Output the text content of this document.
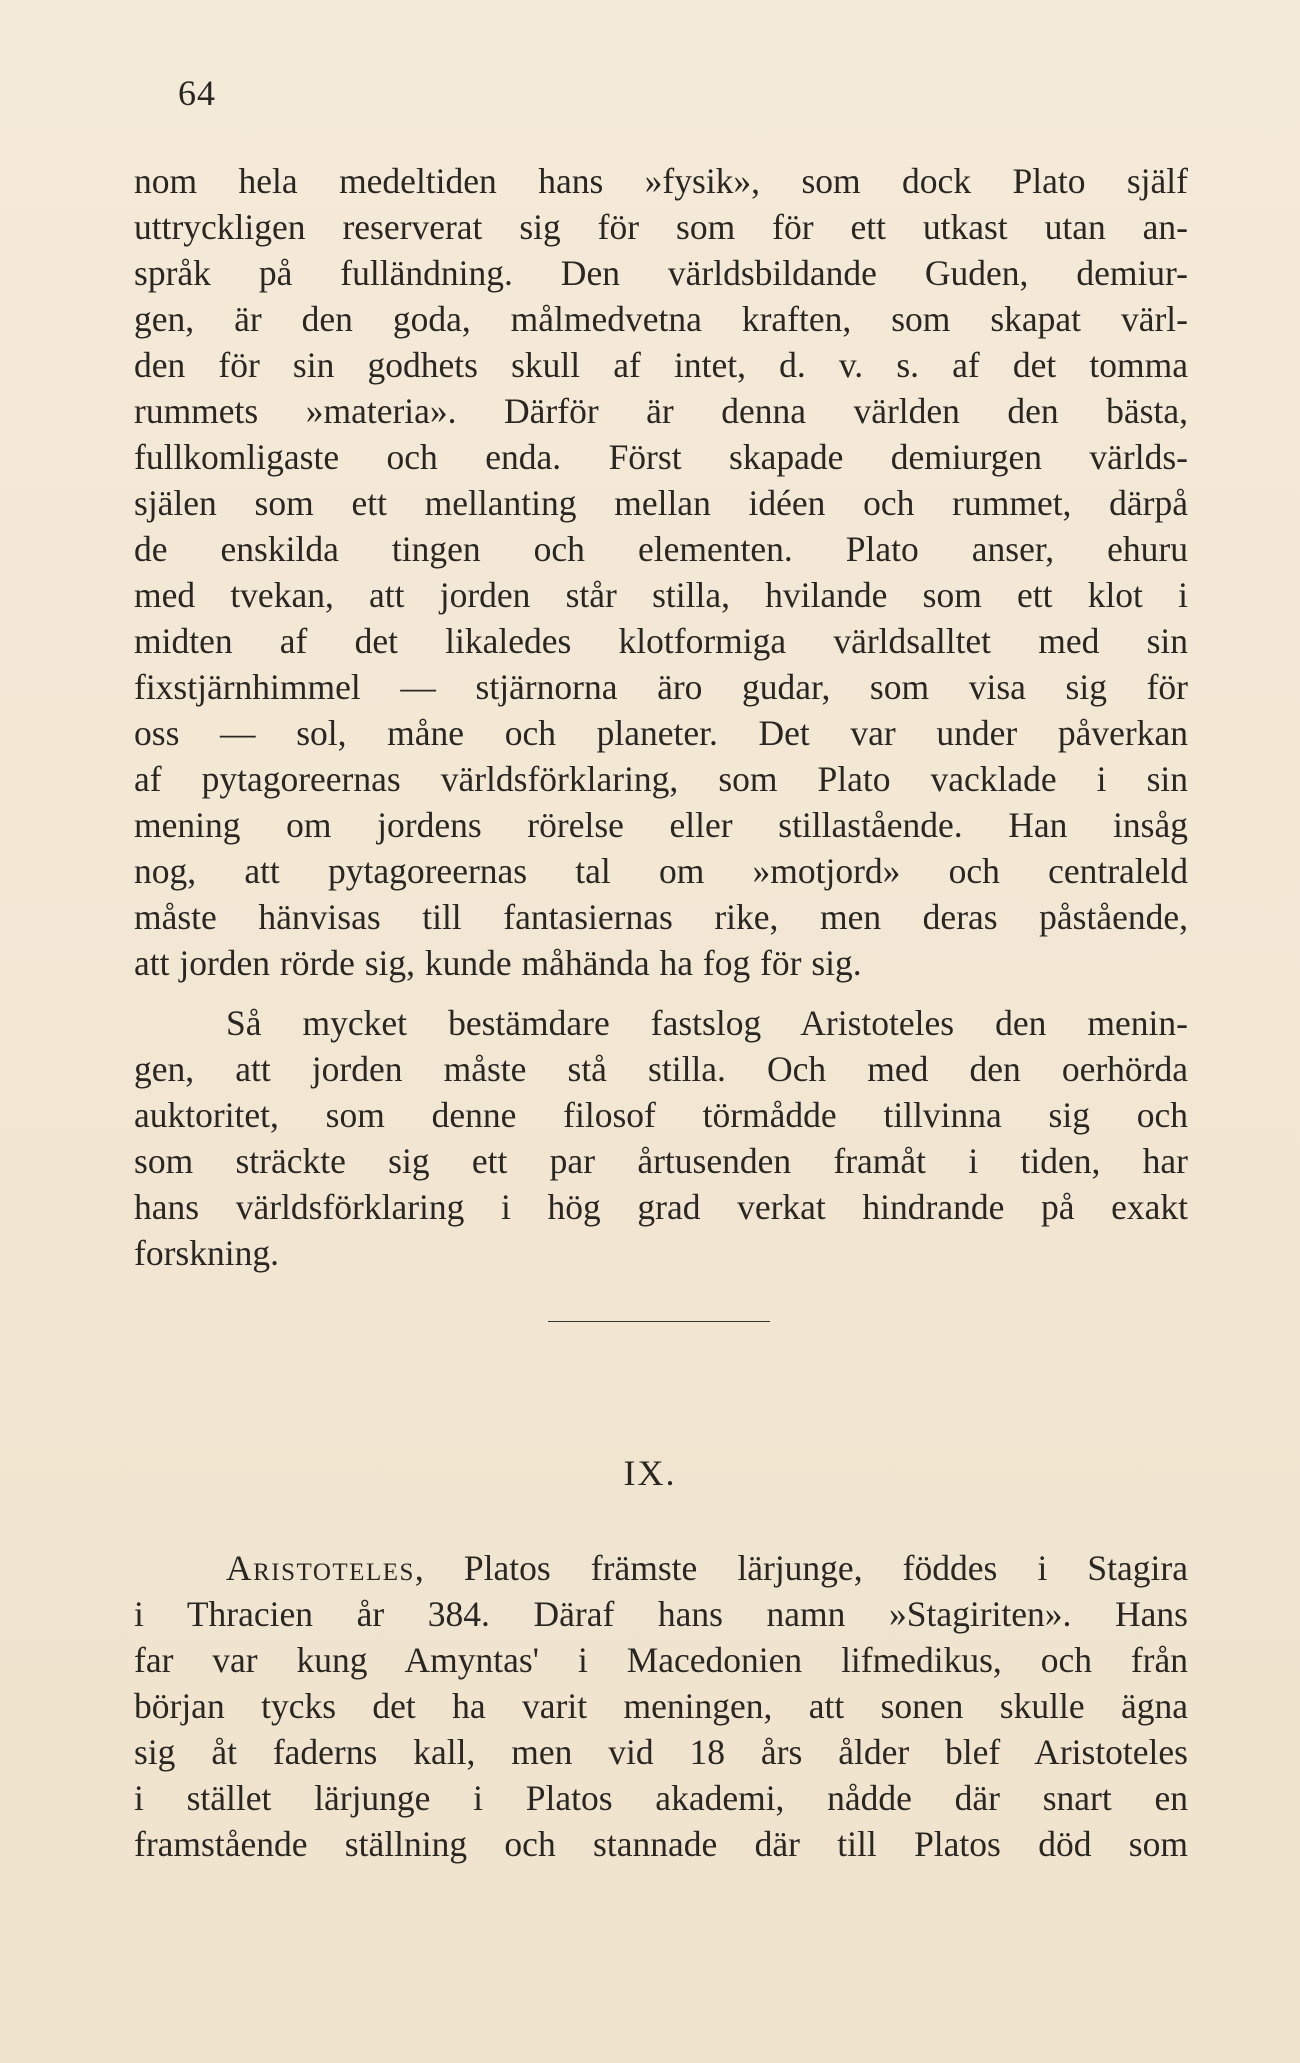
64
nom hela medeltiden hans »fysik», som dock Plato själf
uttryckligen reserverat sig för som för ett utkast utan an-
språk på fulländning. Den världsbildande Guden, demiur-
gen, är den goda, målmedvetna kraften, som skapat värl-
den för sin godhets skull af intet, d. v. s. af det tomma
rummets »materia». Därför är denna världen den bästa,
fullkomligaste och enda. Först skapade demiurgen världs-
själen som ett mellanting mellan idéen och rummet, därpå
de enskilda tingen och elementen. Plato anser, ehuru
med tvekan, att jorden står stilla, hvilande som ett klot i
midten af det likaledes klotformiga världsalltet med sin
fixstjärnhimmel — stjärnorna äro gudar, som visa sig för
oss — sol, måne och planeter. Det var under påverkan
af pytagoreernas världsförklaring, som Plato vacklade i sin
mening om jordens rörelse eller stillastående. Han insåg
nog, att pytagoreernas tal om »motjord» och centraleld
måste hänvisas till fantasiernas rike, men deras påstående,
att jorden rörde sig, kunde måhända ha fog för sig.
Så mycket bestämdare fastslog Aristoteles den menin-
gen, att jorden måste stå stilla. Och med den oerhörda
auktoritet, som denne filosof törmådde tillvinna sig och
som sträckte sig ett par årtusenden framåt i tiden, har
hans världsförklaring i hög grad verkat hindrande på exakt
forskning.
IX.
Aristoteles, Platos främste lärjunge, föddes i Stagira
i Thracien år 384. Däraf hans namn »Stagiriten». Hans
far var kung Amyntas' i Macedonien lifmedikus, och från
början tycks det ha varit meningen, att sonen skulle ägna
sig åt faderns kall, men vid 18 års ålder blef Aristoteles
i stället lärjunge i Platos akademi, nådde där snart en
framstående ställning och stannade där till Platos död som
